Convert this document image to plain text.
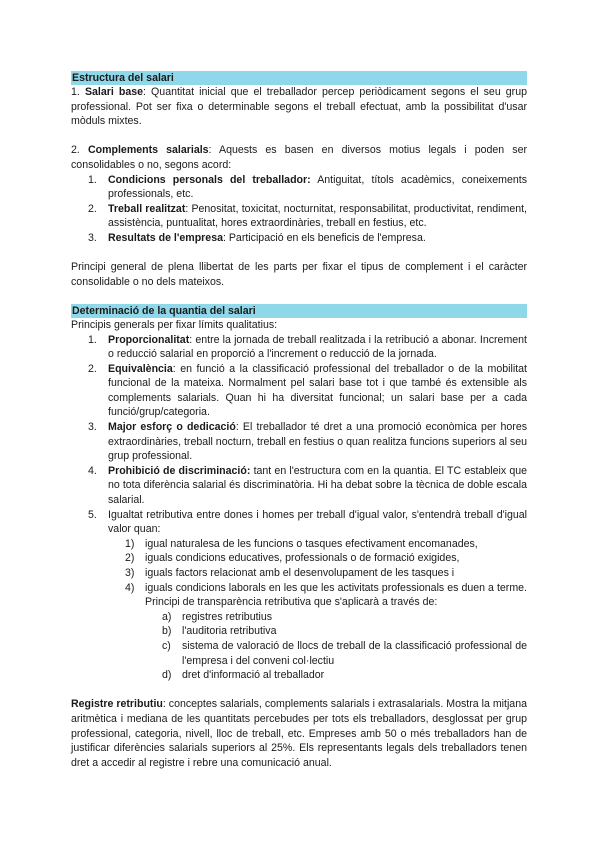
Estructura del salari

1. Salari base: Quantitat inicial que el treballador percep periòdicament segons el seu grup professional. Pot ser fixa o determinable segons el treball efectuat, amb la possibilitat d'usar mòduls mixtes.

2. Complements salarials: Aquests es basen en diversos motius legals i poden ser consolidables o no, segons acord:

1. Condicions personals del treballador: Antiguitat, títols acadèmics, coneixements professionals, etc.
2. Treball realitzat: Penositat, toxicitat, nocturnitat, responsabilitat, productivitat, rendiment, assistència, puntualitat, hores extraordinàries, treball en festius, etc.
3. Resultats de l'empresa: Participació en els beneficis de l'empresa.

Principi general de plena llibertat de les parts per fixar el tipus de complement i el caràcter consolidable o no dels mateixos.

Determinació de la quantia del salari

Principis generals per fixar límits qualitatius:

1. Proporcionalitat: entre la jornada de treball realitzada i la retribució a abonar. Increment o reducció salarial en proporció a l'increment o reducció de la jornada.
2. Equivalència: en funció a la classificació professional del treballador o de la mobilitat funcional de la mateixa. Normalment pel salari base tot i que també és extensible als complements salarials. Quan hi ha diversitat funcional; un salari base per a cada funció/grup/categoria.
3. Major esforç o dedicació: El treballador té dret a una promoció econòmica per hores extraordinàries, treball nocturn, treball en festius o quan realitza funcions superiors al seu grup professional.
4. Prohibició de discriminació: tant en l'estructura com en la quantia. El TC estableix que no tota diferència salarial és discriminatòria. Hi ha debat sobre la tècnica de doble escala salarial.
5. Igualtat retributiva entre dones i homes per treball d'igual valor, s'entendrà treball d'igual valor quan:
1) igual naturalesa de les funcions o tasques efectivament encomanades,
2) iguals condicions educatives, professionals o de formació exigides,
3) iguals factors relacionat amb el desenvolupament de les tasques i
4) iguals condicions laborals en les que les activitats professionals es duen a terme. Principi de transparència retributiva que s'aplicarà a través de:
a) registres retributius
b) l'auditoria retributiva
c) sistema de valoració de llocs de treball de la classificació professional de l'empresa i del conveni col·lectiu
d) dret d'informació al treballador

Registre retributiu: conceptes salarials, complements salarials i extrasalarials. Mostra la mitjana aritmètica i mediana de les quantitats percebudes per tots els treballadors, desglossat per grup professional, categoria, nivell, lloc de treball, etc. Empreses amb 50 o més treballadors han de justificar diferències salarials superiors al 25%. Els representants legals dels treballadors tenen dret a accedir al registre i rebre una comunicació anual.
